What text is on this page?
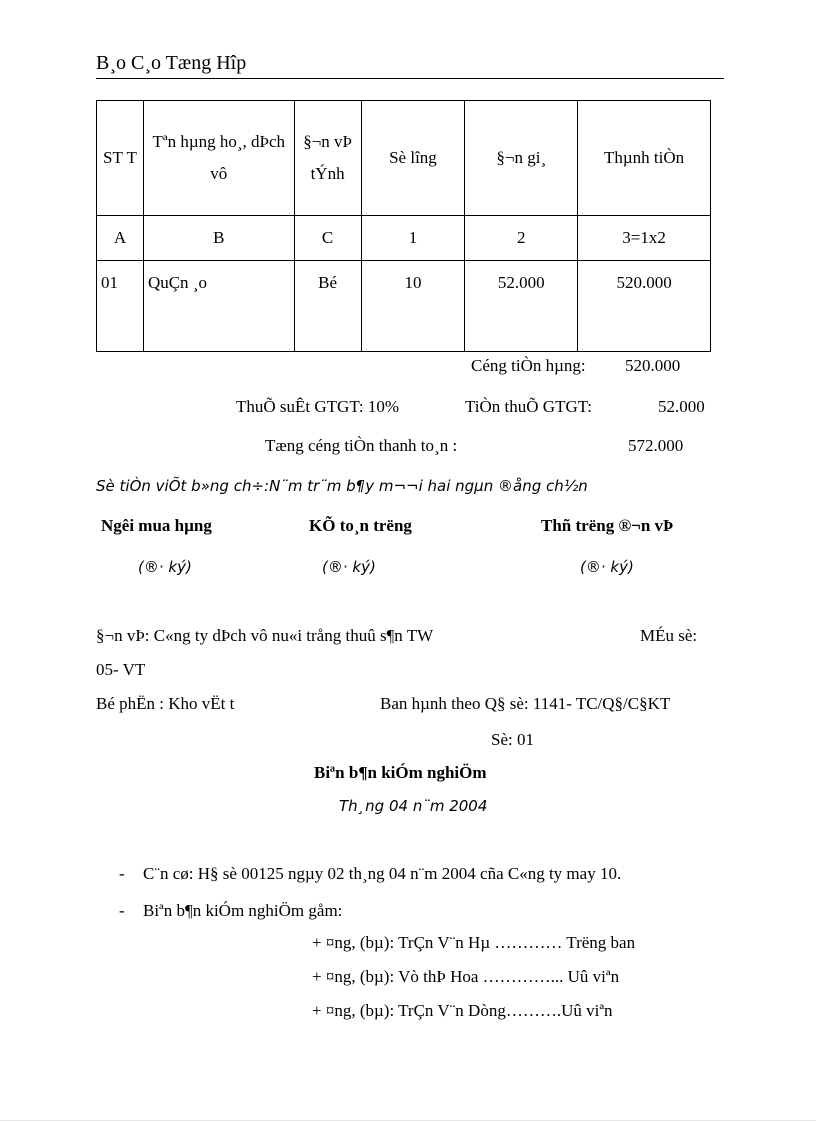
B¸o C¸o Tæng Hîp
ST T	Tªn hµng ho¸, dÞch vô	§¬n vÞ tÝnh	Sè lîng	§¬n gi¸	Thµnh tiÒn
A	B	C	1	2	3=1x2
01	QuÇn ¸o	Bé	10	52.000	520.000
Céng tiÒn hµng: 520.000
ThuÕ suÊt GTGT: 10%	TiÒn thuÕ GTGT:	52.000
Tæng céng tiÒn thanh to¸n :	572.000
Sè tiÒn viÕt b»ng ch÷:N¨m tr¨m b¶y m¬¬i hai ngµn ®ång ch½n
Ngêi mua hµng	KÕ to¸n trëng	Thñ trëng ®¬n vÞ
(®· ký)	(®· ký)	(®· ký)
§¬n vÞ: C«ng ty dÞch vô nu«i trång thuû s¶n TW	MÉu sè:
05- VT
Bé phËn : Kho vËt t	Ban hµnh theo Q§ sè: 1141- TC/Q§/C§KT
Sè: 01
Biªn b¶n kiÓm nghiÖm
Th¸ng 04 n¨m 2004
- C¨n cø: H§ sè 00125 ngµy 02 th¸ng 04 n¨m 2004 cña C«ng ty may 10.
- Biªn b¶n kiÓm nghiÖm gåm:
+ ¤ng, (bµ): TrÇn V¨n Hµ ………… Trëng ban
+ ¤ng, (bµ): Vò thÞ Hoa …………... Uû viªn
+ ¤ng, (bµ): TrÇn V¨n Dòng……….Uû viªn
